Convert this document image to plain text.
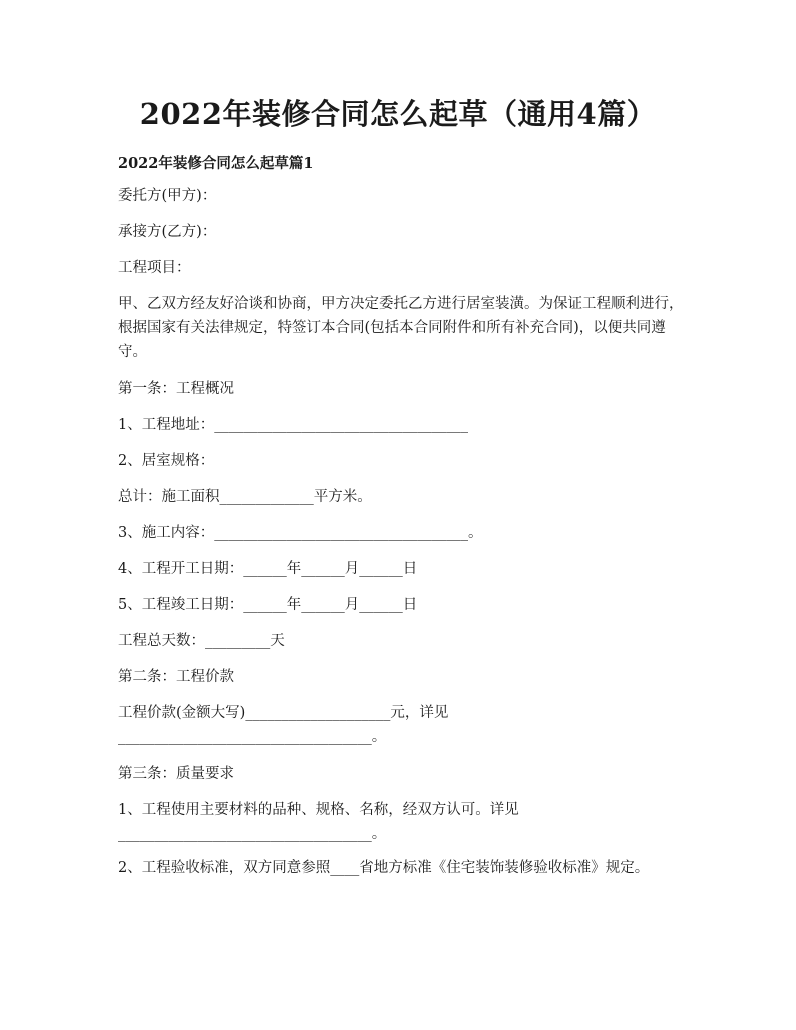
2022年装修合同怎么起草（通用4篇）
2022年装修合同怎么起草篇1

委托方(甲方)：

承接方(乙方)：

工程项目：

甲、乙双方经友好洽谈和协商，甲方决定委托乙方进行居室装潢。为保证工程顺利进行，根据国家有关法律规定，特签订本合同(包括本合同附件和所有补充合同)，以便共同遵守。

第一条：工程概况

1、工程地址：___________________________________

2、居室规格：

总计：施工面积_____________平方米。

3、施工内容：___________________________________。

4、工程开工日期：______年______月______日

5、工程竣工日期：______年______月______日

工程总天数：_________天

第二条：工程价款

工程价款(金额大写)____________________元，详见___________________________________。

第三条：质量要求

1、工程使用主要材料的品种、规格、名称，经双方认可。详见___________________________________。

2、工程验收标准，双方同意参照____省地方标准《住宅装饰装修验收标准》规定。
